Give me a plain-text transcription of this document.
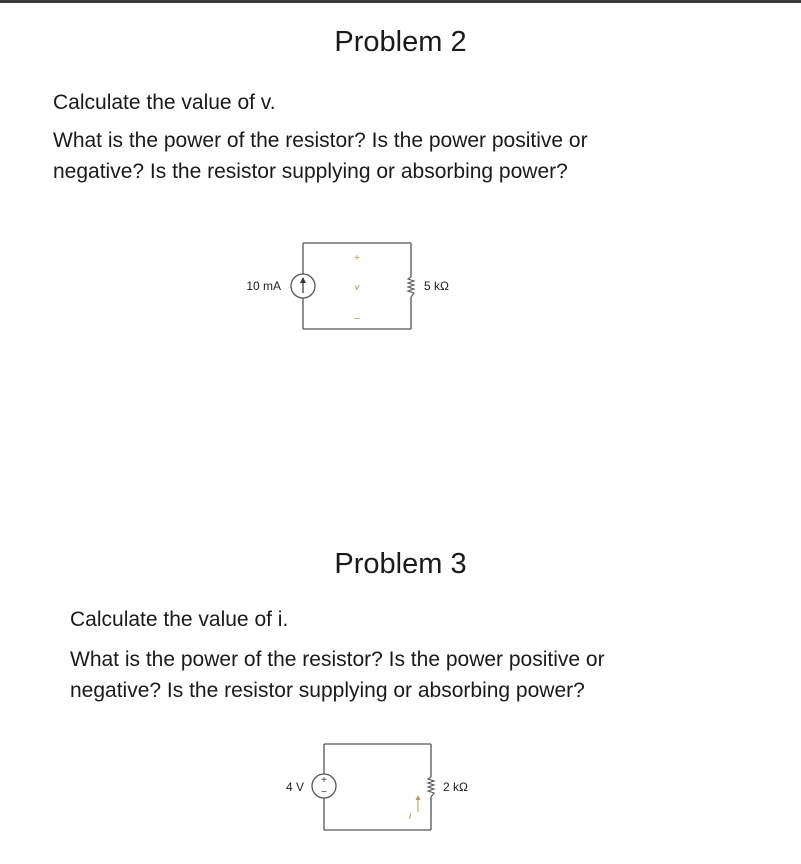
Problem 2

Calculate the value of v.

What is the power of the resistor? Is the power positive or

negative? Is the resistor supplying or absorbing power?

10 mA	5 kΩ
+
v
−
Problem 3

Calculate the value of i.

What is the power of the resistor? Is the power positive or

negative? Is the resistor supplying or absorbing power?

+
−
4 V	2 kΩ
i
